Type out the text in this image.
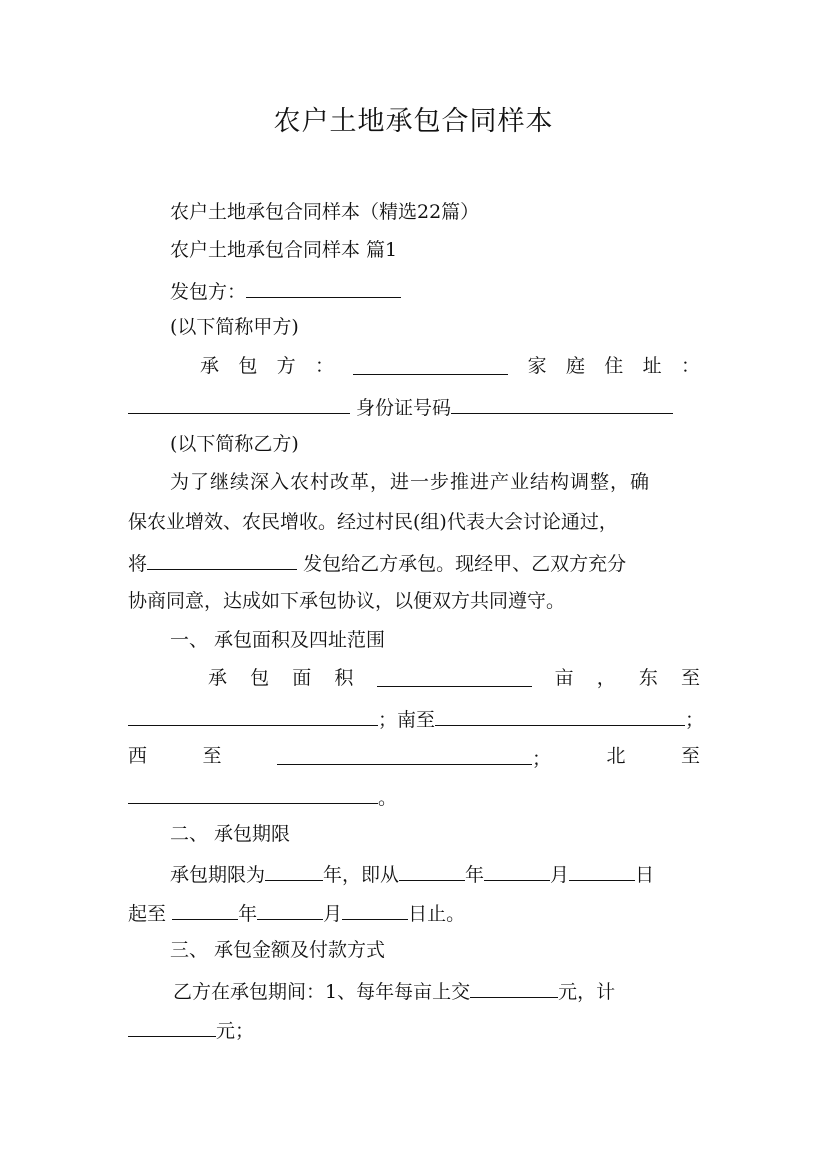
农户土地承包合同样本
农户土地承包合同样本（精选22篇）
农户土地承包合同样本 篇1
发包方：
(以下简称甲方)
承 包 方 ：	家 庭 住 址 ：
身份证号码
(以下简称乙方)
为了继续深入农村改革，进一步推进产业结构调整，确
保农业增效、农民增收。经过村民(组)代表大会讨论通过，
将	发包给乙方承包。现经甲、乙双方充分
协商同意，达成如下承包协议，以便双方共同遵守。
一、 承包面积及四址范围
承 包 面 积	亩 ， 东 至
；南至	；
西	至	；	北	至
。
二、 承包期限
承包期限为	年，即从	年	月	日
起至	年	月	日止。
三、 承包金额及付款方式
乙方在承包期间：1、每年每亩上交	元，计
元；
